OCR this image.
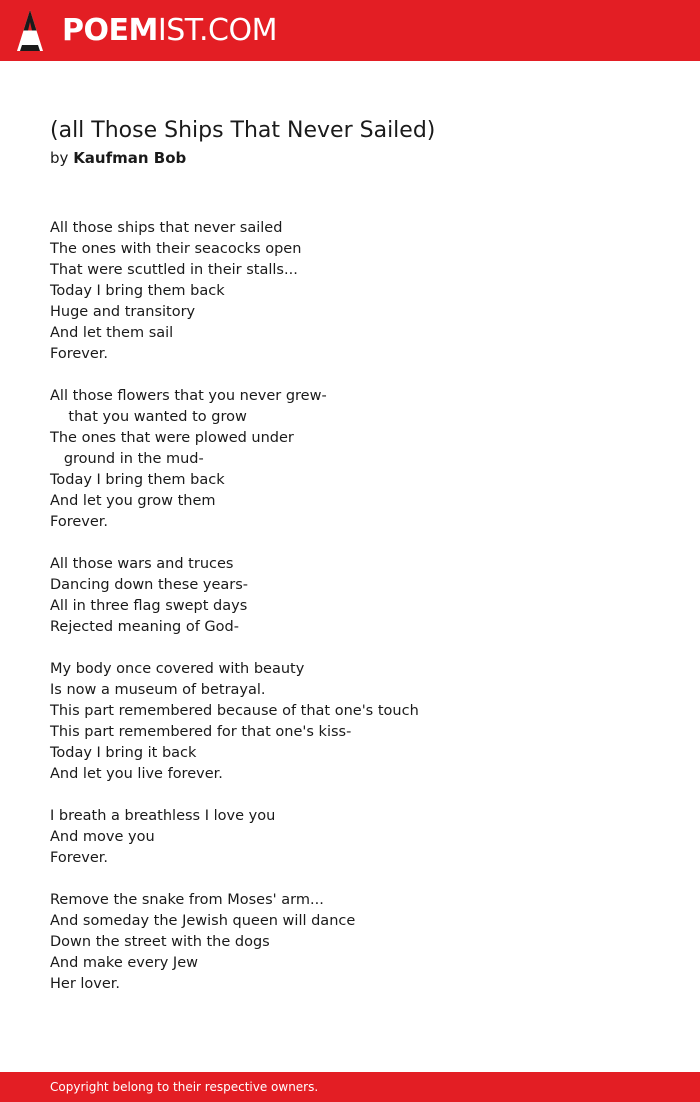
POEMIST.COM
(all Those Ships That Never Sailed)
by Kaufman Bob
All those ships that never sailed
The ones with their seacocks open
That were scuttled in their stalls...
Today I bring them back
Huge and transitory
And let them sail
Forever.
All those flowers that you never grew-
that you wanted to grow
The ones that were plowed under
ground in the mud-
Today I bring them back
And let you grow them
Forever.
All those wars and truces
Dancing down these years-
All in three flag swept days
Rejected meaning of God-
My body once covered with beauty
Is now a museum of betrayal.
This part remembered because of that one's touch
This part remembered for that one's kiss-
Today I bring it back
And let you live forever.
I breath a breathless I love you
And move you
Forever.
Remove the snake from Moses' arm...
And someday the Jewish queen will dance
Down the street with the dogs
And make every Jew
Her lover.
Copyright belong to their respective owners.
